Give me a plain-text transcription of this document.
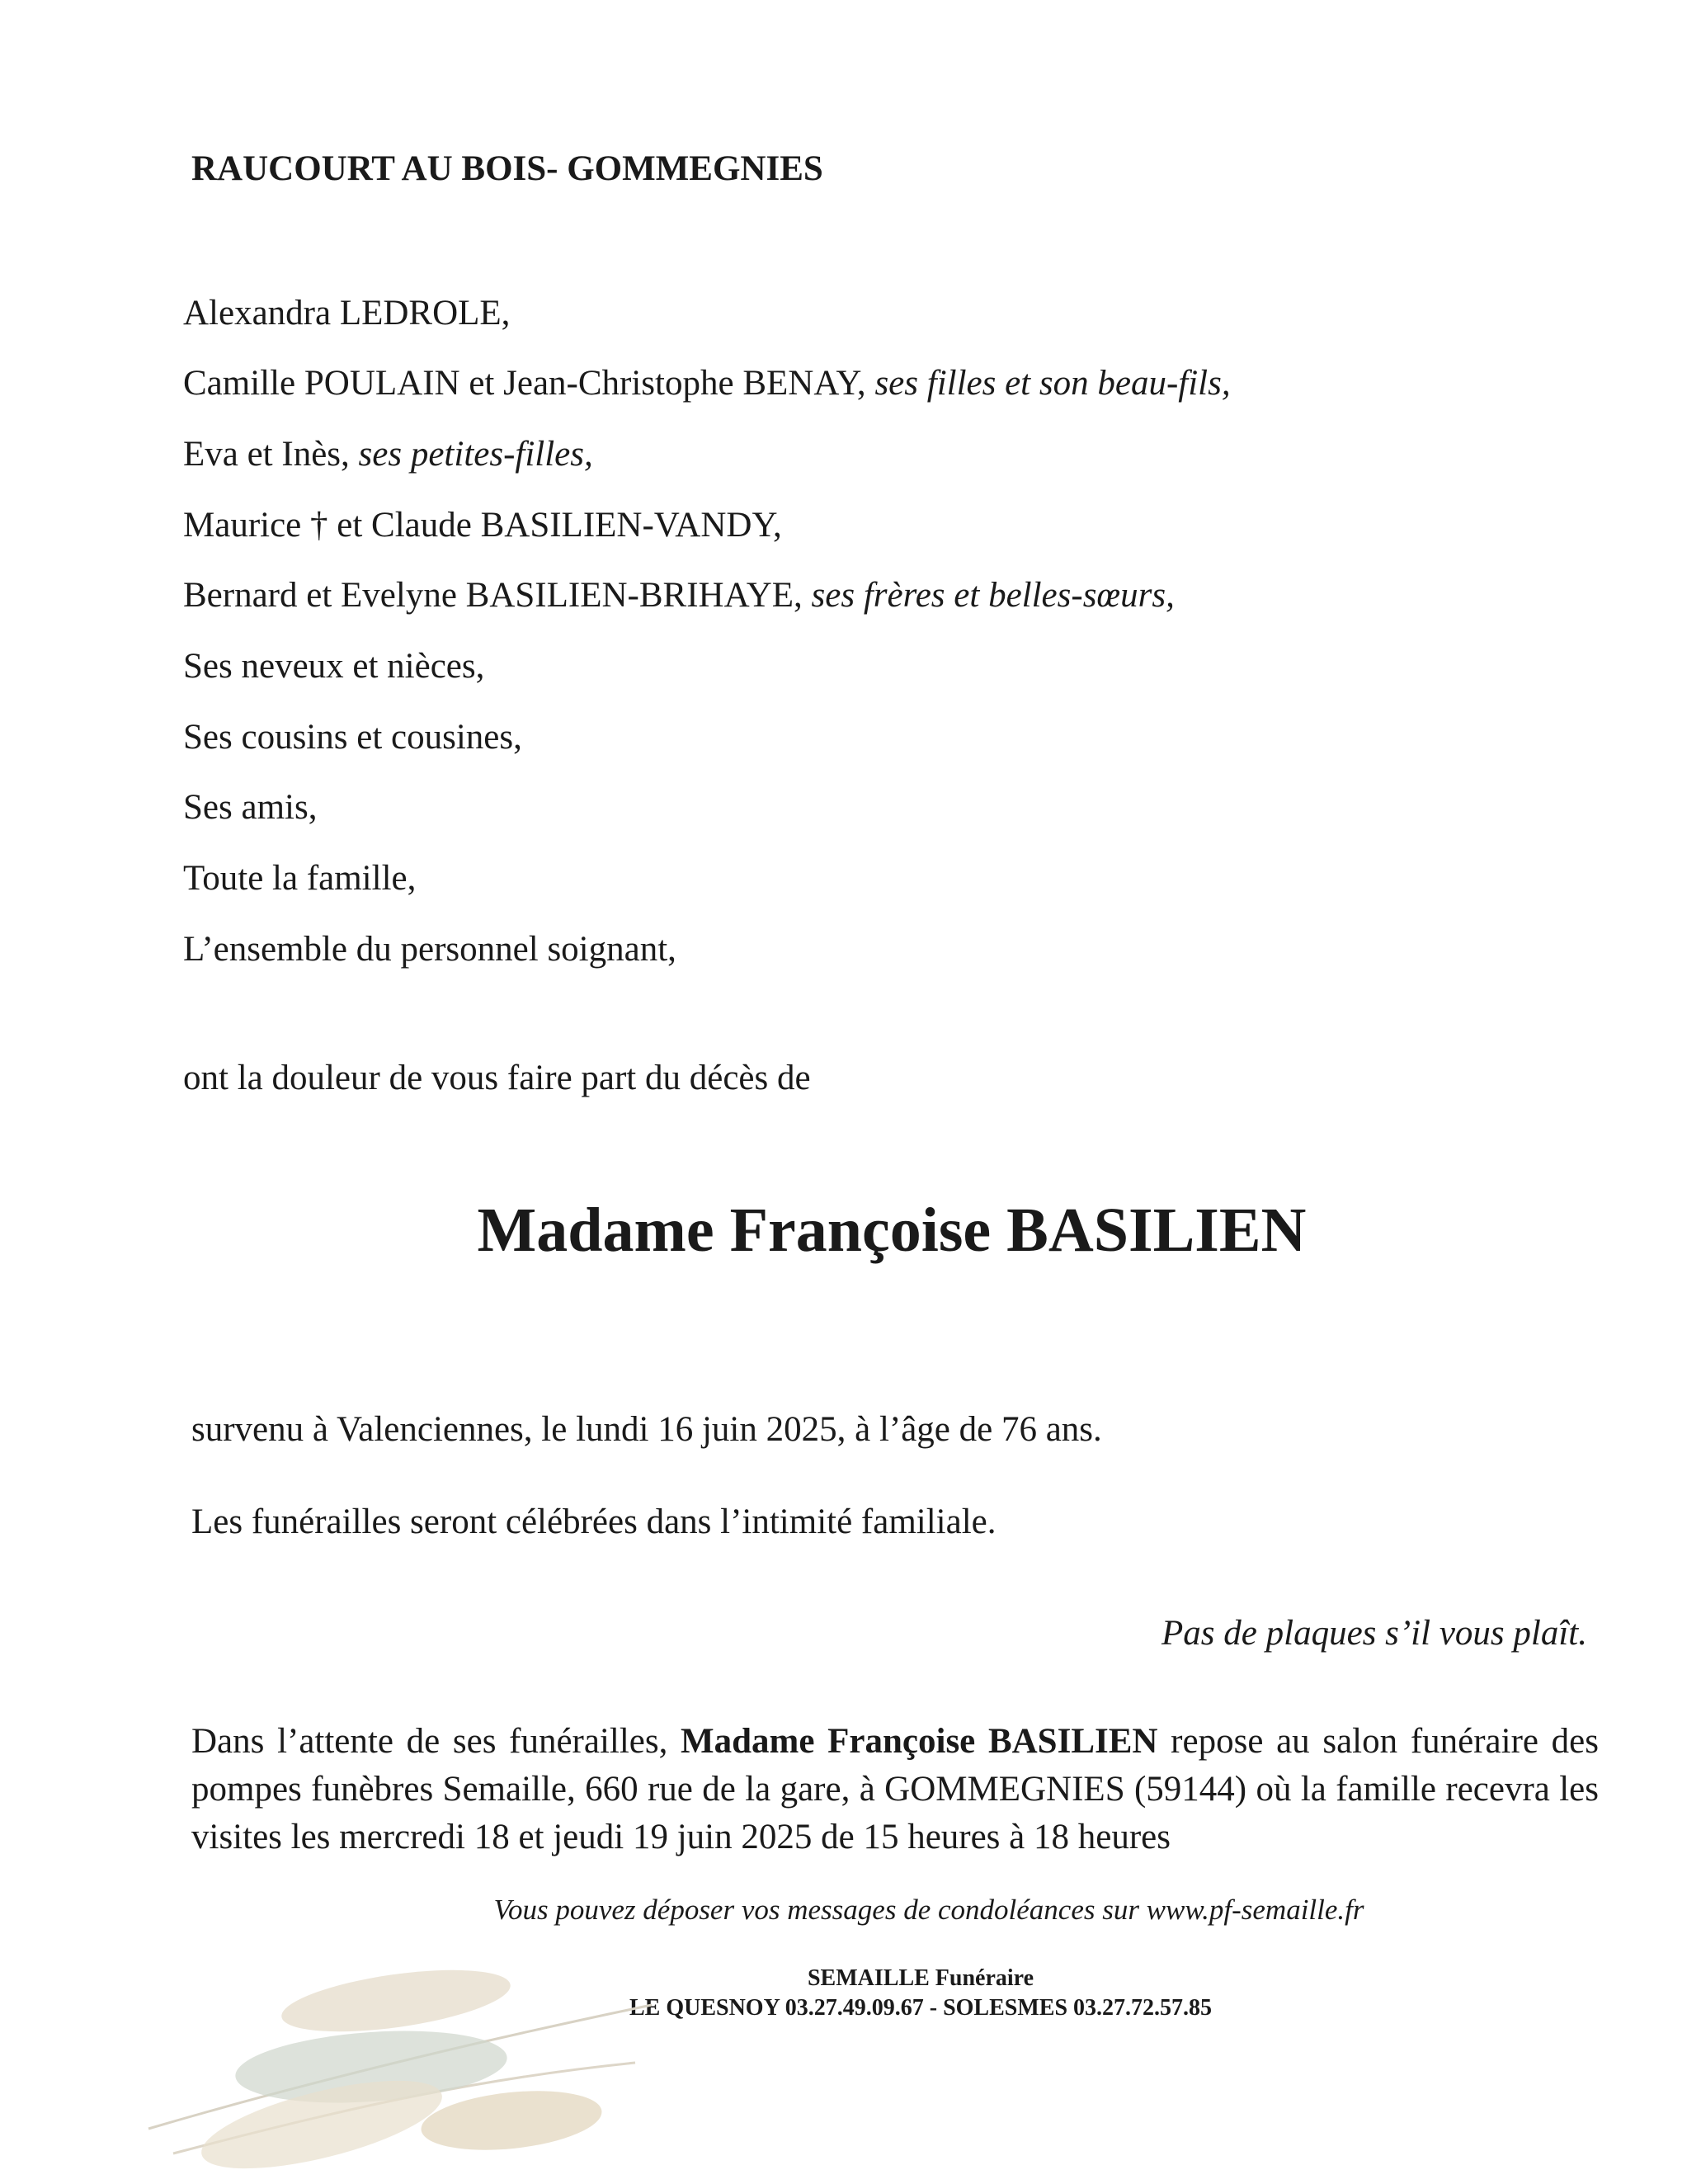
RAUCOURT AU BOIS- GOMMEGNIES
Alexandra LEDROLE,
Camille POULAIN et Jean-Christophe BENAY, ses filles et son beau-fils,
Eva et Inès, ses petites-filles,
Maurice † et Claude BASILIEN-VANDY,
Bernard et Evelyne BASILIEN-BRIHAYE, ses frères et belles-sœurs,
Ses neveux et nièces,
Ses cousins et cousines,
Ses amis,
Toute la famille,
L’ensemble du personnel soignant,
ont la douleur de vous faire part du décès de
Madame Françoise BASILIEN
survenu à Valenciennes, le lundi 16 juin 2025, à l’âge de 76 ans.
Les funérailles seront célébrées dans l’intimité familiale.
Pas de plaques s’il vous plaît.
Dans l’attente de ses funérailles, Madame Françoise BASILIEN repose au salon funéraire des pompes funèbres Semaille, 660 rue de la gare, à GOMMEGNIES (59144) où la famille recevra les visites les mercredi 18 et jeudi 19 juin 2025 de 15 heures à 18 heures
Vous pouvez déposer vos messages de condoléances sur www.pf-semaille.fr
SEMAILLE Funéraire
LE QUESNOY 03.27.49.09.67 - SOLESMES 03.27.72.57.85
